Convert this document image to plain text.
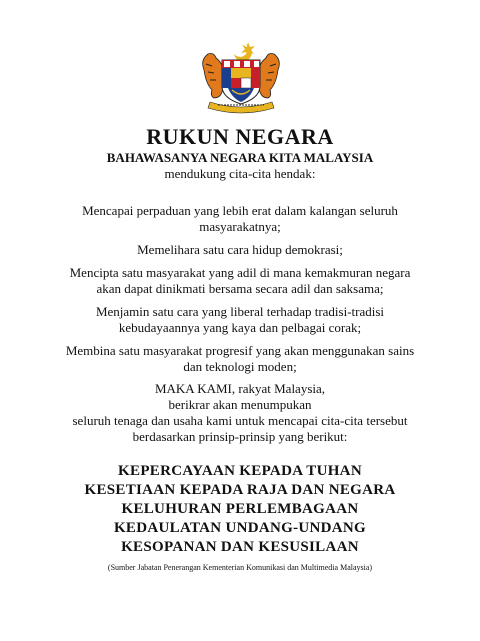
RUKUN NEGARA
BAHAWASANYA NEGARA KITA MALAYSIA
mendukung cita-cita hendak:

Mencapai perpaduan yang lebih erat dalam kalangan seluruh masyarakatnya;

Memelihara satu cara hidup demokrasi;

Mencipta satu masyarakat yang adil di mana kemakmuran negara akan dapat dinikmati bersama secara adil dan saksama;

Menjamin satu cara yang liberal terhadap tradisi-tradisi kebudayaannya yang kaya dan pelbagai corak;

Membina satu masyarakat progresif yang akan menggunakan sains dan teknologi moden;

MAKA KAMI, rakyat Malaysia,
berikrar akan menumpukan
seluruh tenaga dan usaha kami untuk mencapai cita-cita tersebut
berdasarkan prinsip-prinsip yang berikut:
KEPERCAYAAN KEPADA TUHAN
KESETIAAN KEPADA RAJA DAN NEGARA
KELUHURAN PERLEMBAGAAN
KEDAULATAN UNDANG-UNDANG
KESOPANAN DAN KESUSILAAN
(Sumber Jabatan Penerangan Kementerian Komunikasi dan Multimedia Malaysia)
